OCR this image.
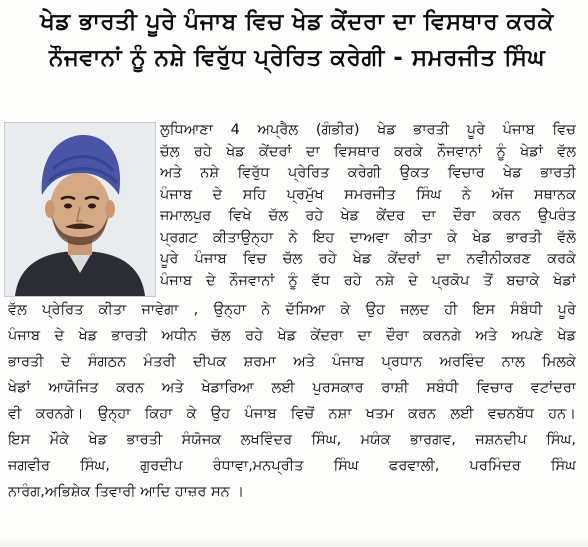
ਖੇਡ ਭਾਰਤੀ ਪੂਰੇ ਪੰਜਾਬ ਵਿਚ ਖੇਡ ਕੇਂਦਰਾ ਦਾ ਵਿਸਥਾਰ ਕਰਕੇ
ਨੌਜਵਾਨਾਂ ਨੂੰ ਨਸ਼ੇ ਵਿਰੁੱਧ ਪ੍ਰੇਰਿਤ ਕਰੇਗੀ - ਸਮਰਜੀਤ ਸਿੰਘ
ਲੁਧਿਆਣਾ 4 ਅਪ੍ਰੈਲ (ਗੰਭੀਰ) ਖੇਡ ਭਾਰਤੀ ਪੂਰੇ ਪੰਜਾਬ ਵਿਚ
ਚੱਲ ਰਹੇ ਖੇਡ ਕੇਂਦਰਾਂ ਦਾ ਵਿਸਥਾਰ ਕਰਕੇ ਨੌਜਵਾਨਾਂ ਨੂੰ ਖੇਡਾਂ ਵੱਲ
ਅਤੇ ਨਸ਼ੇ ਵਿਰੁੱਧ ਪ੍ਰੇਰਿਤ ਕਰੇਗੀ ਉਕਤ ਵਿਚਾਰ ਖੇਡ ਭਾਰਤੀ
ਪੰਜਾਬ ਦੇ ਸਹਿ ਪ੍ਰਮੁੱਖ ਸਮਰਜੀਤ ਸਿੰਘ ਨੇ ਅੱਜ ਸਥਾਨਕ
ਜਮਾਲਪੁਰ ਵਿਖੇ ਚੱਲ ਰਹੇ ਖੇਡ ਕੇਂਦਰ ਦਾ ਦੌਰਾ ਕਰਨ ਉਪਰੰਤ
ਪ੍ਰਗਟ ਕੀਤਾਉਨ੍ਹਾ ਨੇ ਇਹ ਦਾਅਵਾ ਕੀਤਾ ਕੇ ਖੇਡ ਭਾਰਤੀ ਵੱਲੋ
ਪੂਰੇ ਪੰਜਾਬ ਵਿਚ ਚੱਲ ਰਹੇ ਖੇਡ ਕੇਂਦਰਾਂ ਦਾ ਨਵੀਨੀਕਰਣ ਕਰਕੇ
ਪੰਜਾਬ ਦੇ ਨੌਜਵਾਨਾਂ ਨੂੰ ਵੱਧ ਰਹੇ ਨਸ਼ੇ ਦੇ ਪ੍ਰਕੋਪ ਤੋਂ ਬਚਾਕੇ ਖੇਡਾਂ
ਵੱਲ ਪ੍ਰੇਰਿਤ ਕੀਤਾ ਜਾਵੇਗਾ , ਉਨ੍ਹਾ ਨੇ ਦੱਸਿਆ ਕੇ ਉਹ ਜਲਦ ਹੀ ਇਸ ਸੰਬੰਧੀ ਪੂਰੇ
ਪੰਜਾਬ ਦੇ ਖੇਡ ਭਾਰਤੀ ਅਧੀਨ ਚੱਲ ਰਹੇ ਖੇਡ ਕੇਂਦਰਾ ਦਾ ਦੌਰਾ ਕਰਨਗੇ ਅਤੇ ਅਪਣੇ ਖੇਡ
ਭਾਰਤੀ ਦੇ ਸੰਗਠਨ ਮੰਤਰੀ ਦੀਪਕ ਸ਼ਰਮਾ ਅਤੇ ਪੰਜਾਬ ਪ੍ਰਧਾਨ ਅਰਵਿੰਦ ਨਾਲ ਮਿਲਕੇ
ਖੇਡਾਂ ਆਯੋਜਿਤ ਕਰਨ ਅਤੇ ਖੇਡਾਰਿਆ ਲਈ ਪੁਰਸਕਾਰ ਰਾਸ਼ੀ ਸਬੰਧੀ ਵਿਚਾਰ ਵਟਾਂਦਰਾ
ਵੀ ਕਰਨਗੇ। ਉਨ੍ਹਾ ਕਿਹਾ ਕੇ ਉਹ ਪੰਜਾਬ ਵਿਚੋਂ ਨਸ਼ਾ ਖਤਮ ਕਰਨ ਲਈ ਵਚਨਬੱਧ ਹਨ।
ਇਸ ਮੌਕੇ ਖੇਡ ਭਾਰਤੀ ਸੰਯੋਜਕ ਲਖਵਿੰਦਰ ਸਿੰਘ, ਮਯੰਕ ਭਾਰਗਵ, ਜਸ਼ਨਦੀਪ ਸਿੰਘ,
ਜਗਵੀਰ ਸਿੰਘ, ਗੁਰਦੀਪ ਰੰਧਾਵਾ,ਮਨਪ੍ਰੀਤ ਸਿੰਘ ਫਰਵਾਲੀ, ਪਰਮਿੰਦਰ ਸਿੰਘ
ਨਾਰੰਗ,ਅਭਿਸ਼ੇਕ ਤਿਵਾਰੀ ਆਦਿ ਹਾਜ਼ਰ ਸਨ ।
